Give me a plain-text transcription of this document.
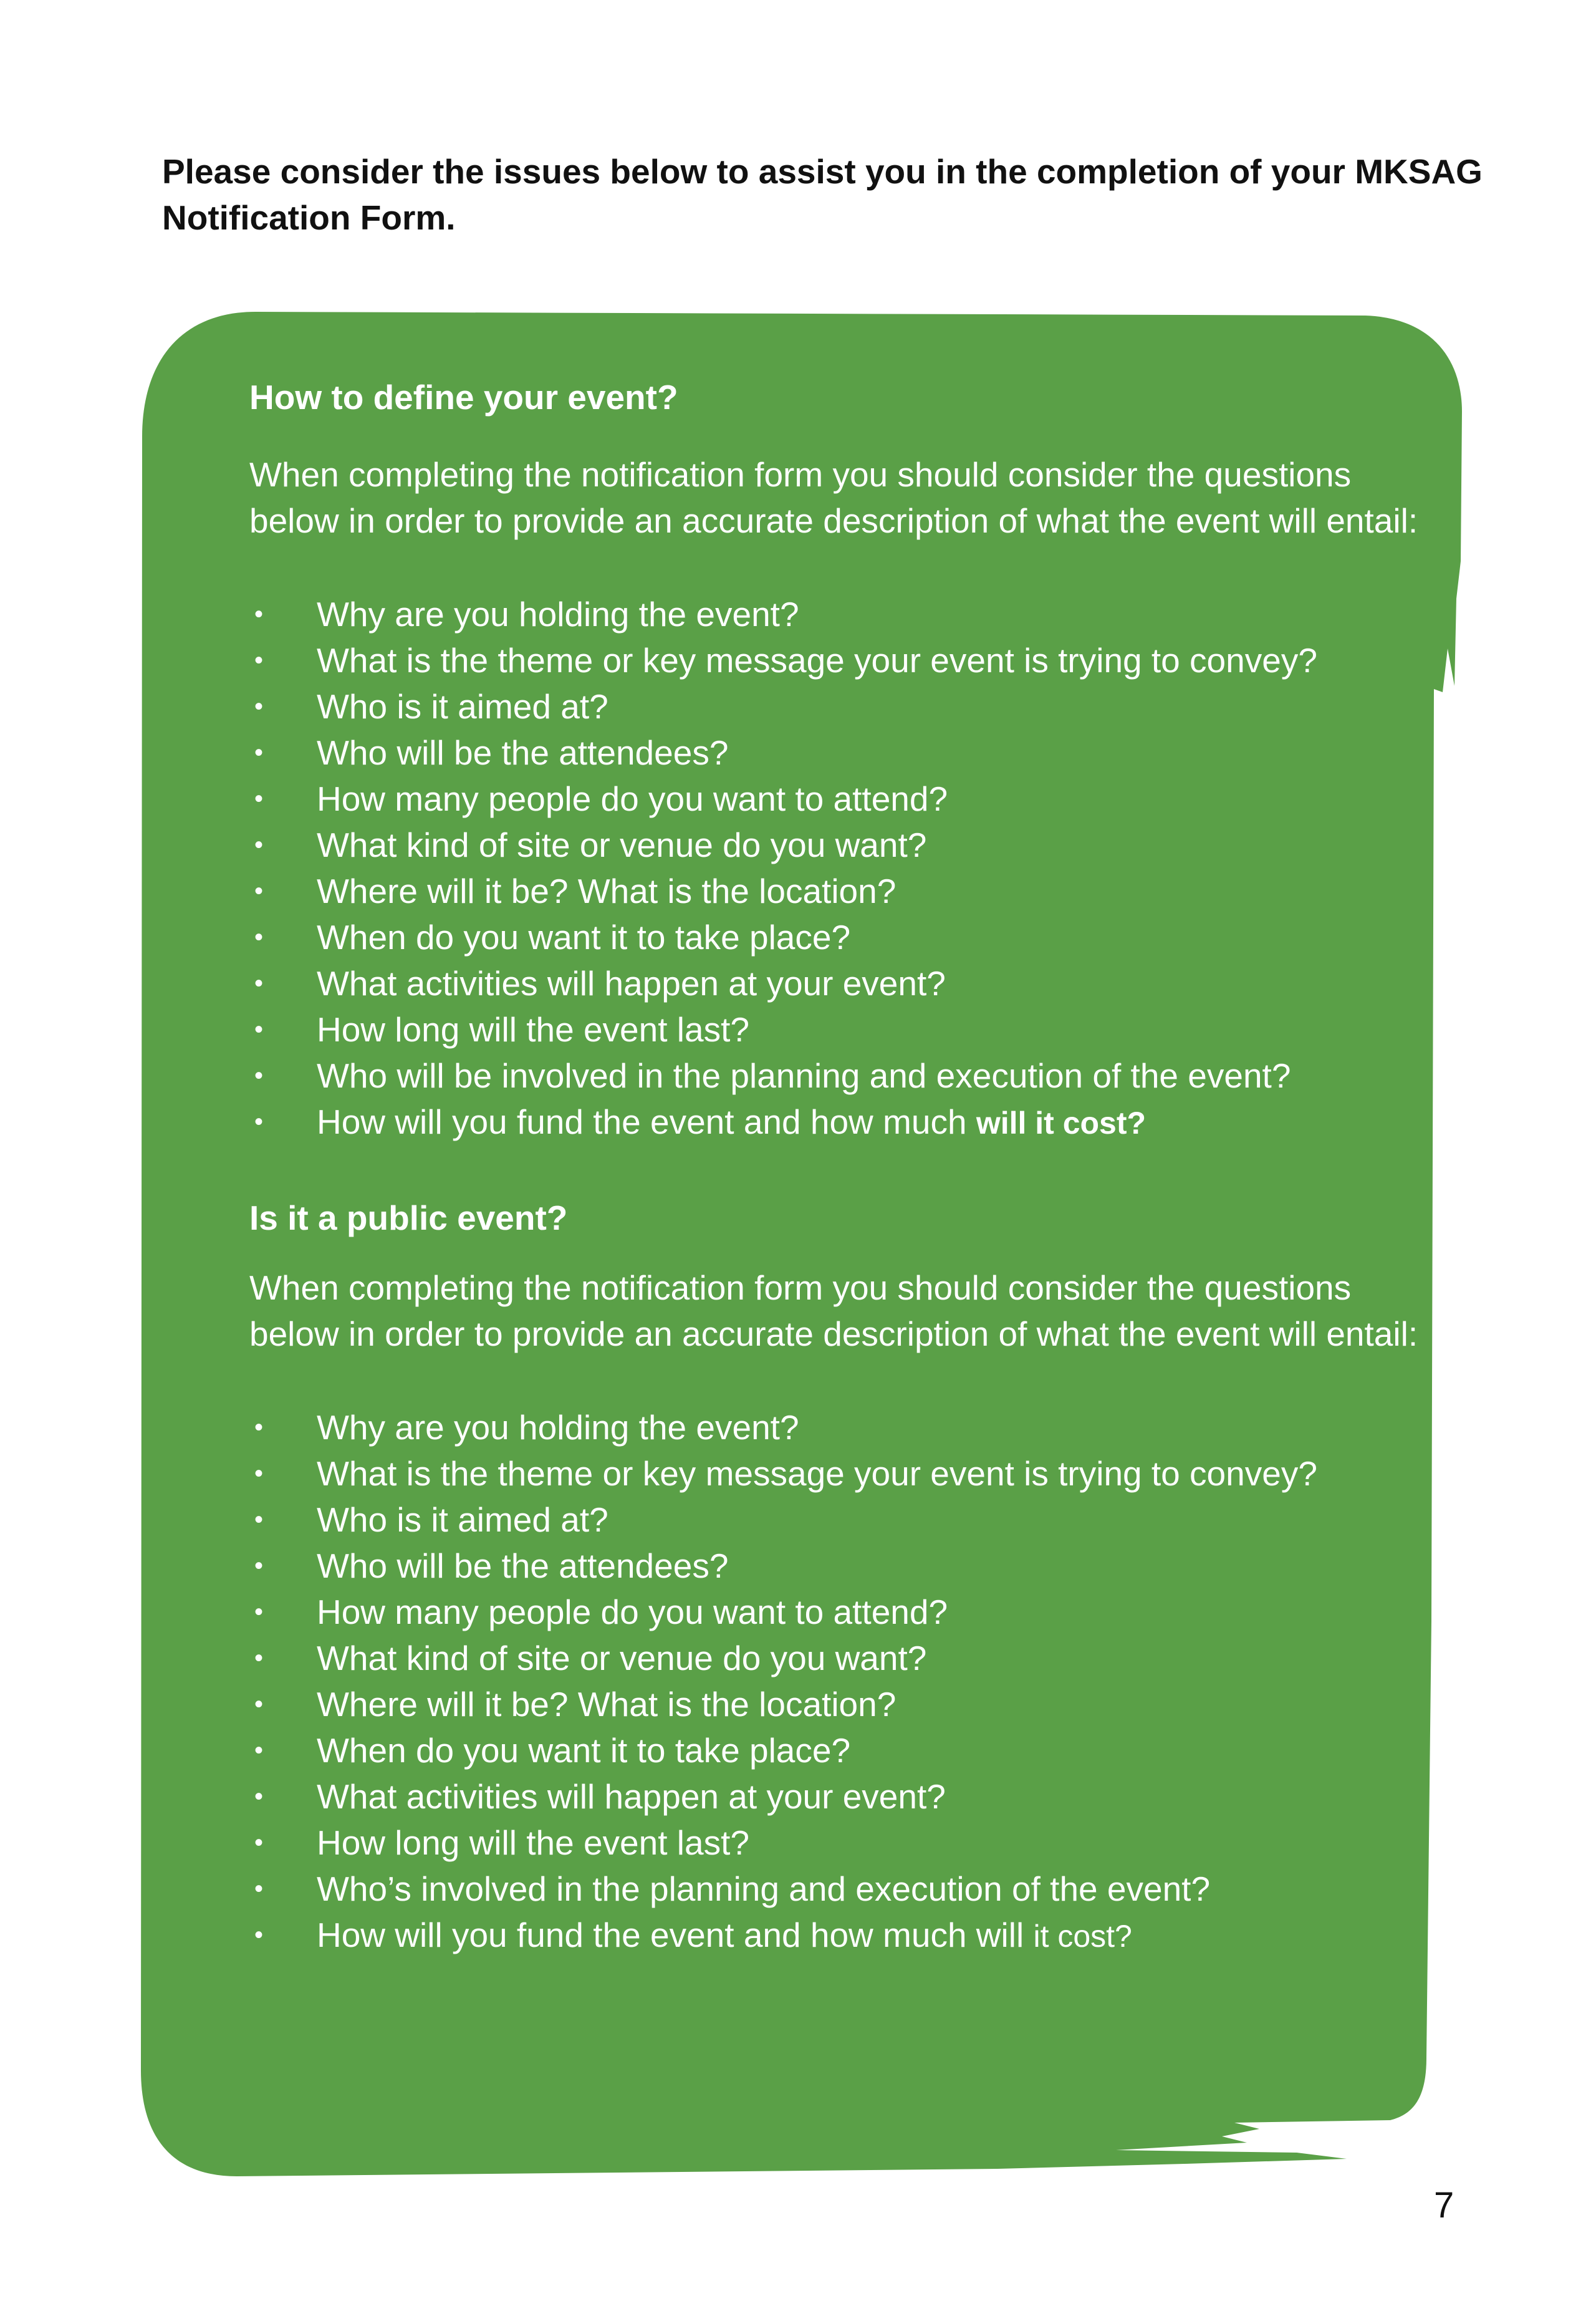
Please consider the issues below to assist you in the completion of your MKSAG Notification Form.

How to define your event?

When completing the notification form you should consider the questions below in order to provide an accurate description of what the event will entail:

• Why are you holding the event?
• What is the theme or key message your event is trying to convey?
• Who is it aimed at?
• Who will be the attendees?
• How many people do you want to attend?
• What kind of site or venue do you want?
• Where will it be? What is the location?
• When do you want it to take place?
• What activities will happen at your event?
• How long will the event last?
• Who will be involved in the planning and execution of the event?
• How will you fund the event and how much will it cost?
Is it a public event?

When completing the notification form you should consider the questions below in order to provide an accurate description of what the event will entail:

• Why are you holding the event?
• What is the theme or key message your event is trying to convey?
• Who is it aimed at?
• Who will be the attendees?
• How many people do you want to attend?
• What kind of site or venue do you want?
• Where will it be? What is the location?
• When do you want it to take place?
• What activities will happen at your event?
• How long will the event last?
• Who’s involved in the planning and execution of the event?
• How will you fund the event and how much will it cost?
7
